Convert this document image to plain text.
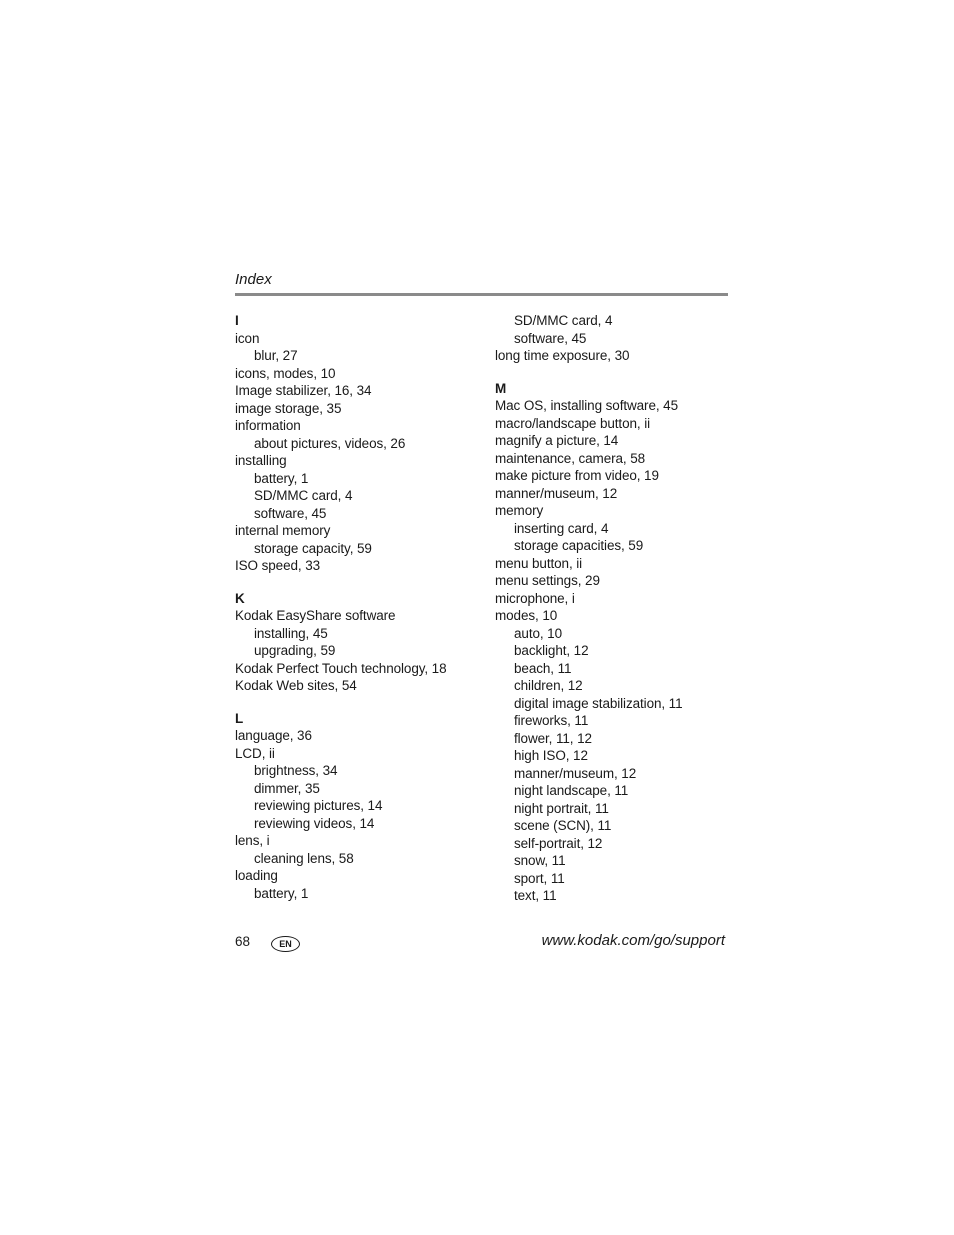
Index
I
icon
blur, 27
icons, modes, 10
Image stabilizer, 16, 34
image storage, 35
information
about pictures, videos, 26
installing
battery, 1
SD/MMC card, 4
software, 45
internal memory
storage capacity, 59
ISO speed, 33
K
Kodak EasyShare software
installing, 45
upgrading, 59
Kodak Perfect Touch technology, 18
Kodak Web sites, 54
L
language, 36
LCD, ii
brightness, 34
dimmer, 35
reviewing pictures, 14
reviewing videos, 14
lens, i
cleaning lens, 58
loading
battery, 1
SD/MMC card, 4
software, 45
long time exposure, 30
M
Mac OS, installing software, 45
macro/landscape button, ii
magnify a picture, 14
maintenance, camera, 58
make picture from video, 19
manner/museum, 12
memory
inserting card, 4
storage capacities, 59
menu button, ii
menu settings, 29
microphone, i
modes, 10
auto, 10
backlight, 12
beach, 11
children, 12
digital image stabilization, 11
fireworks, 11
flower, 11, 12
high ISO, 12
manner/museum, 12
night landscape, 11
night portrait, 11
scene (SCN), 11
self-portrait, 12
snow, 11
sport, 11
text, 11
68	EN	www.kodak.com/go/support
